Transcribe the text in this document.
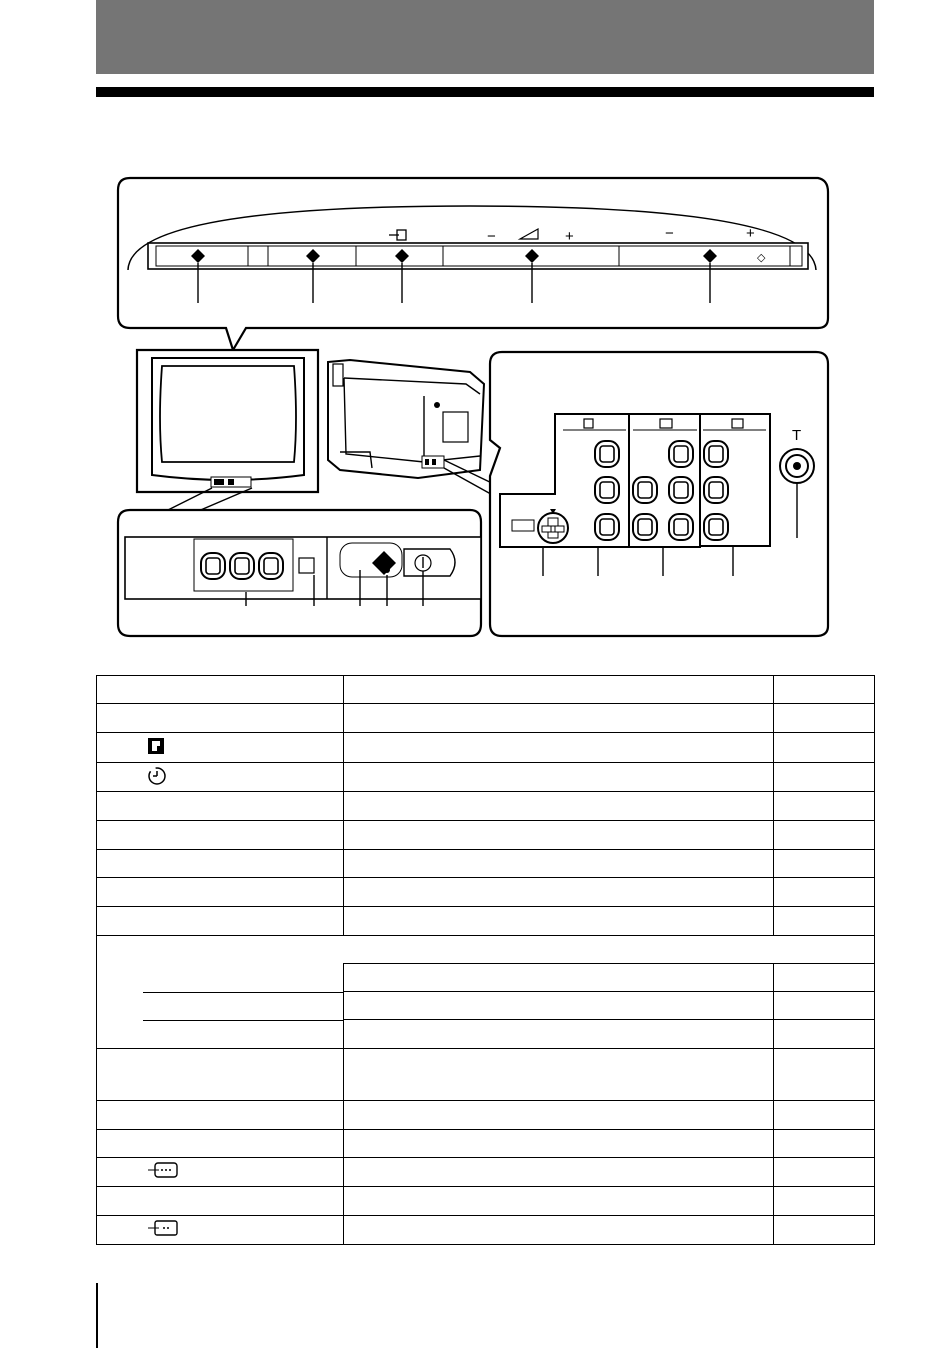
−	+	−	+
◇
T
